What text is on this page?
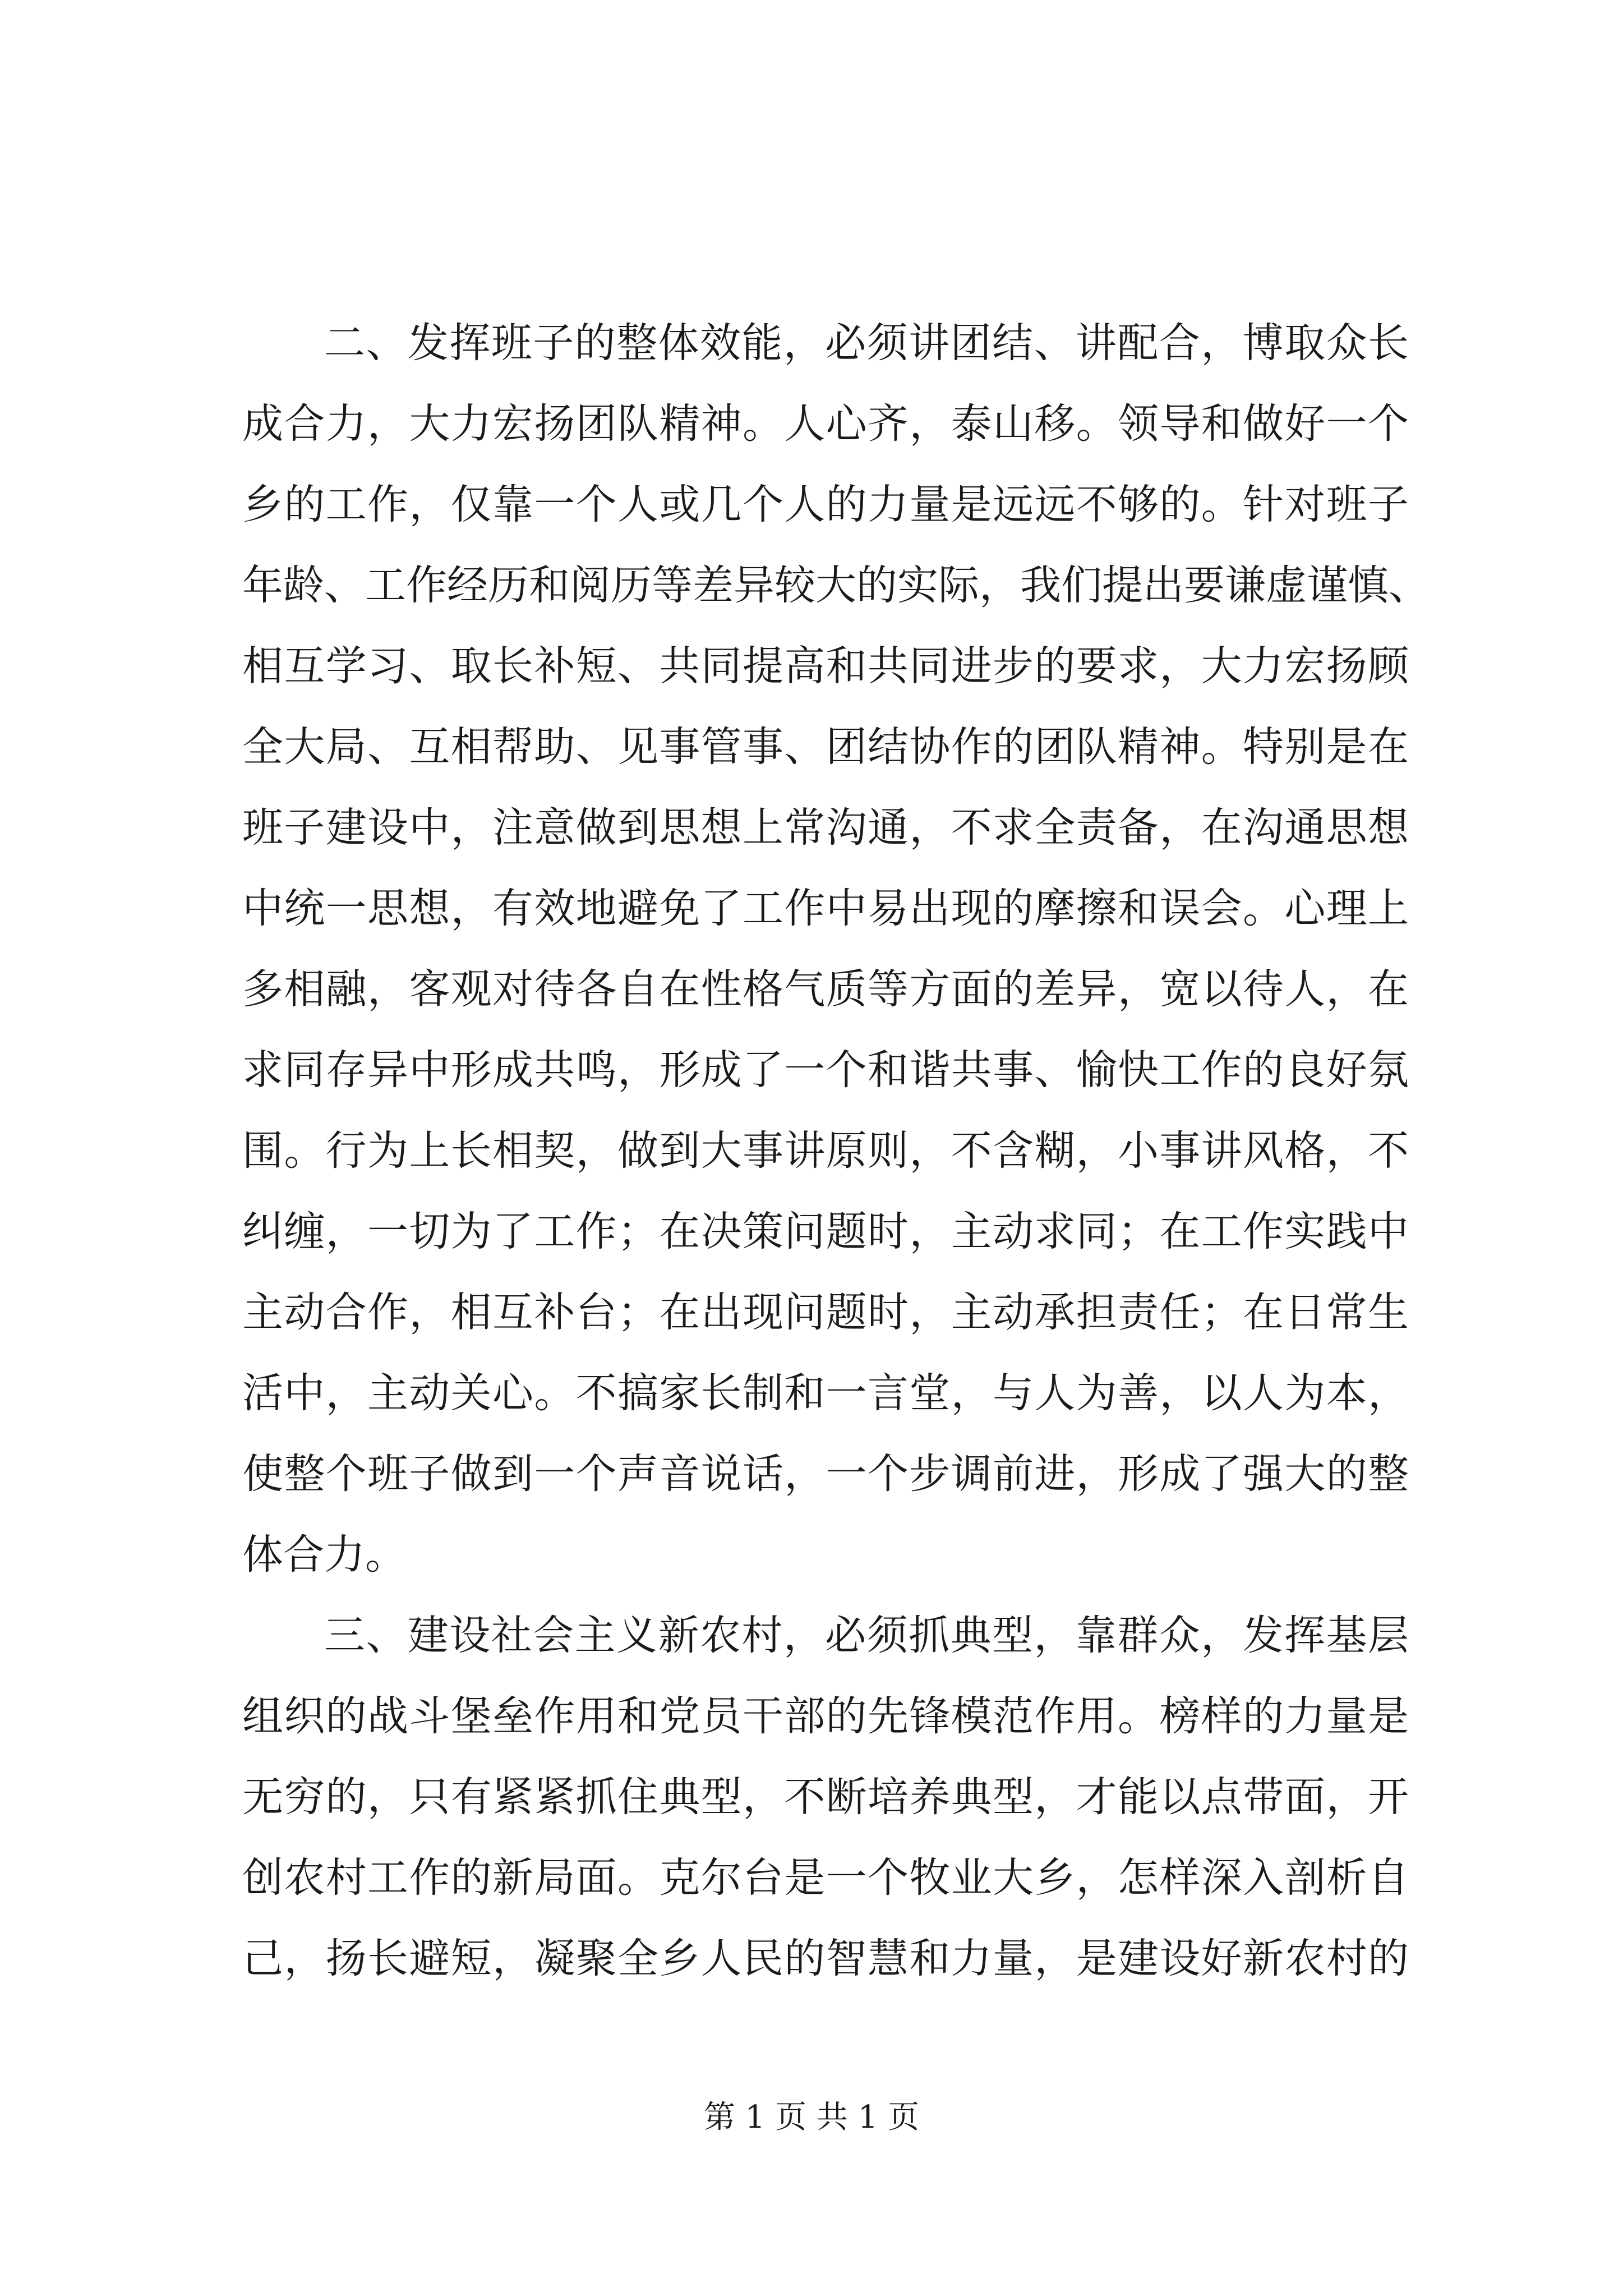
二、发挥班子的整体效能，必须讲团结、讲配合，博取众长
成合力，大力宏扬团队精神。人心齐，泰山移。领导和做好一个
乡的工作，仅靠一个人或几个人的力量是远远不够的。针对班子
年龄、工作经历和阅历等差异较大的实际，我们提出要谦虚谨慎、
相互学习、取长补短、共同提高和共同进步的要求，大力宏扬顾
全大局、互相帮助、见事管事、团结协作的团队精神。特别是在
班子建设中，注意做到思想上常沟通，不求全责备，在沟通思想
中统一思想，有效地避免了工作中易出现的摩擦和误会。心理上
多相融，客观对待各自在性格气质等方面的差异，宽以待人，在
求同存异中形成共鸣，形成了一个和谐共事、愉快工作的良好氛
围。行为上长相契，做到大事讲原则，不含糊，小事讲风格，不
纠缠，一切为了工作；在决策问题时，主动求同；在工作实践中
主动合作，相互补台；在出现问题时，主动承担责任；在日常生
活中，主动关心。不搞家长制和一言堂，与人为善，以人为本，
使整个班子做到一个声音说话，一个步调前进，形成了强大的整
体合力。
三、建设社会主义新农村，必须抓典型，靠群众，发挥基层
组织的战斗堡垒作用和党员干部的先锋模范作用。榜样的力量是
无穷的，只有紧紧抓住典型，不断培养典型，才能以点带面，开
创农村工作的新局面。克尔台是一个牧业大乡，怎样深入剖析自
己，扬长避短，凝聚全乡人民的智慧和力量，是建设好新农村的
第 1 页 共 1 页
